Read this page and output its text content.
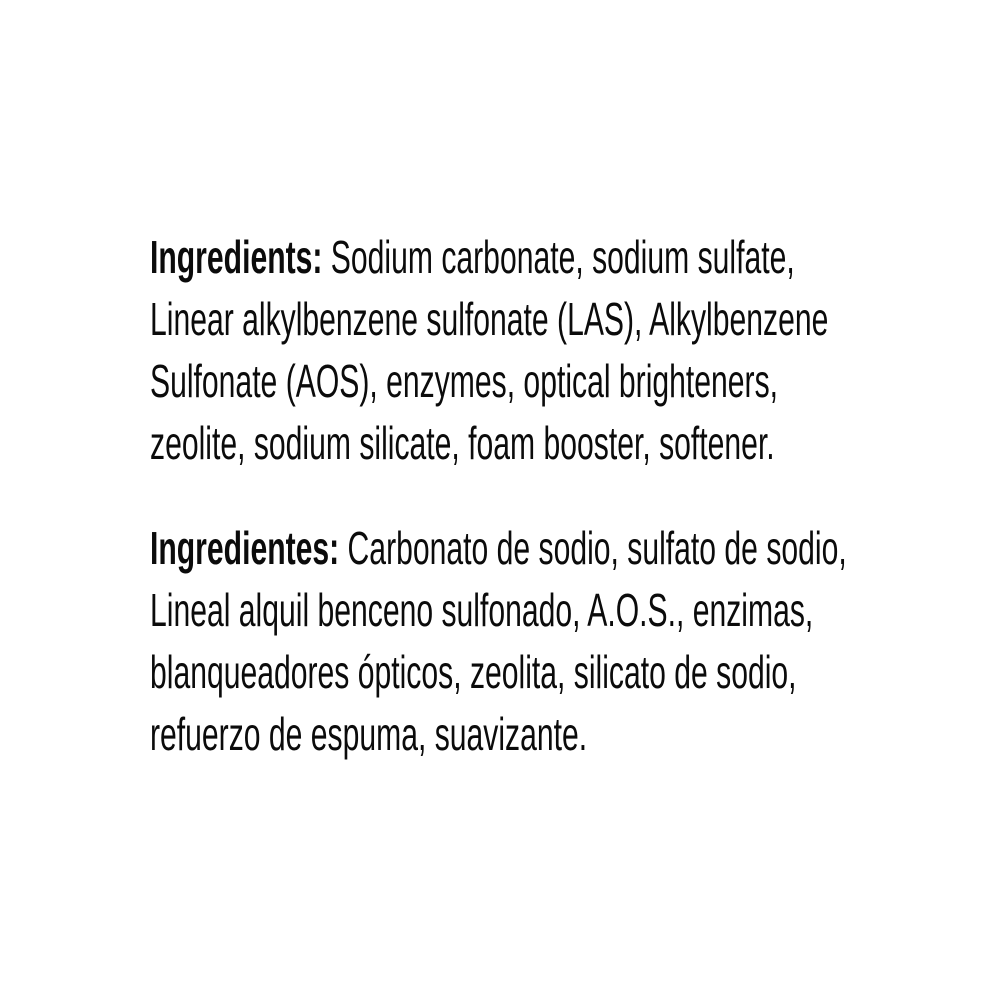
Ingredients: Sodium carbonate, sodium sulfate,
Linear alkylbenzene sulfonate (LAS), Alkylbenzene
Sulfonate (AOS), enzymes, optical brighteners,
zeolite, sodium silicate, foam booster, softener.
Ingredientes: Carbonato de sodio, sulfato de sodio,
Lineal alquil benceno sulfonado, A.O.S., enzimas,
blanqueadores ópticos, zeolita, silicato de sodio,
refuerzo de espuma, suavizante.
